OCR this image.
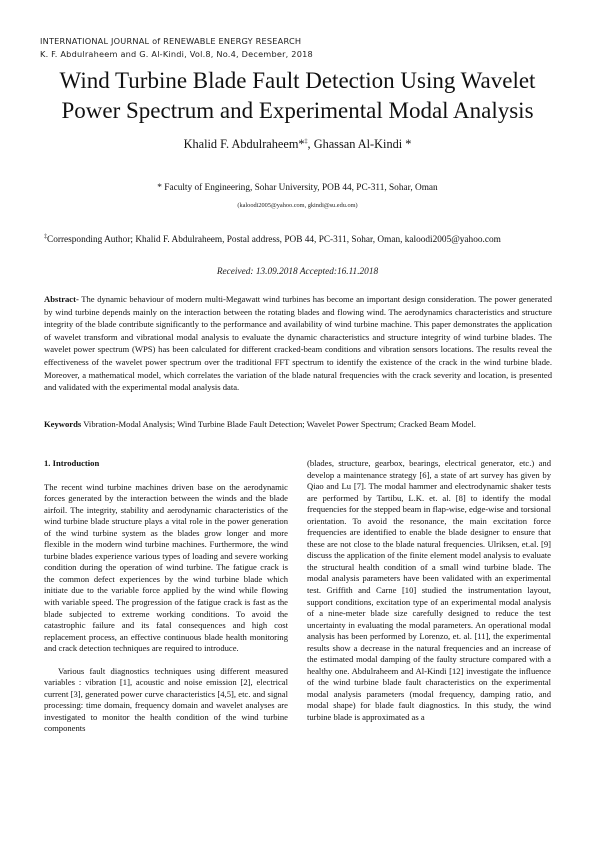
INTERNATIONAL JOURNAL of RENEWABLE ENERGY RESEARCH
K. F. Abdulraheem and G. Al-Kindi, Vol.8, No.4, December, 2018
Wind Turbine Blade Fault Detection Using Wavelet
Power Spectrum and Experimental Modal Analysis
Khalid F. Abdulraheem*‡, Ghassan Al-Kindi *
* Faculty of Engineering, Sohar University, POB 44, PC-311, Sohar, Oman
(kaloodi2005@yahoo.com, gkindi@su.edu.om)
‡Corresponding Author; Khalid F. Abdulraheem, Postal address, POB 44, PC-311, Sohar, Oman, kaloodi2005@yahoo.com
Received: 13.09.2018 Accepted:16.11.2018
Abstract- The dynamic behaviour of modern multi-Megawatt wind turbines has become an important design consideration. The power generated by wind turbine depends mainly on the interaction between the rotating blades and flowing wind. The aerodynamics characteristics and structure integrity of the blade contribute significantly to the performance and availability of wind turbine machine. This paper demonstrates the application of wavelet transform and vibrational modal analysis to evaluate the dynamic characteristics and structure integrity of wind turbine blades. The wavelet power spectrum (WPS) has been calculated for different cracked-beam conditions and vibration sensors locations. The results reveal the effectiveness of the wavelet power spectrum over the traditional FFT spectrum to identify the existence of the crack in the wind turbine blade. Moreover, a mathematical model, which correlates the variation of the blade natural frequencies with the crack severity and location, is presented and validated with the experimental modal analysis data.
Keywords Vibration-Modal Analysis; Wind Turbine Blade Fault Detection; Wavelet Power Spectrum; Cracked Beam Model.
1. Introduction

The recent wind turbine machines driven base on the aerodynamic forces generated by the interaction between the winds and the blade airfoil. The integrity, stability and aerodynamic characteristics of the wind turbine blade structure plays a vital role in the power generation of the wind turbine system as the blades grow longer and more flexible in the modern wind turbine machines. Furthermore, the wind turbine blades experience various types of loading and severe working condition during the operation of wind turbine. The fatigue crack is the common defect experiences by the wind turbine blade which initiate due to the variable force applied by the wind while flowing with variable speed. The progression of the fatigue crack is fast as the blade subjected to extreme working conditions. To avoid the catastrophic failure and its fatal consequences and high cost replacement process, an effective continuous blade health monitoring and crack detection techniques are required to introduce.

Various fault diagnostics techniques using different measured variables : vibration [1], acoustic and noise emission [2], electrical current [3], generated power curve characteristics [4,5], etc. and signal processing: time domain, frequency domain and wavelet analyses are investigated to monitor the health condition of the wind turbine components

(blades, structure, gearbox, bearings, electrical generator, etc.) and develop a maintenance strategy [6], a state of art survey has given by Qiao and Lu [7]. The modal hammer and electrodynamic shaker tests are performed by Tartibu, L.K. et. al. [8] to identify the modal frequencies for the stepped beam in flap-wise, edge-wise and torsional orientation. To avoid the resonance, the main excitation force frequencies are identified to enable the blade designer to ensure that these are not close to the blade natural frequencies. Ulriksen, et.al. [9] discuss the application of the finite element model analysis to evaluate the structural health condition of a small wind turbine blade. The modal analysis parameters have been validated with an experimental test. Griffith and Carne [10] studied the instrumentation layout, support conditions, excitation type of an experimental modal analysis of a nine-meter blade size carefully designed to reduce the test uncertainty in evaluating the modal parameters. An operational modal analysis has been performed by Lorenzo, et. al. [11], the experimental results show a decrease in the natural frequencies and an increase of the estimated modal damping of the faulty structure compared with a healthy one. Abdulraheem and Al-Kindi [12] investigate the influence of the wind turbine blade fault characteristics on the experimental modal analysis parameters (modal frequency, damping ratio, and modal shape) for blade fault diagnostics. In this study, the wind turbine blade is approximated as a
